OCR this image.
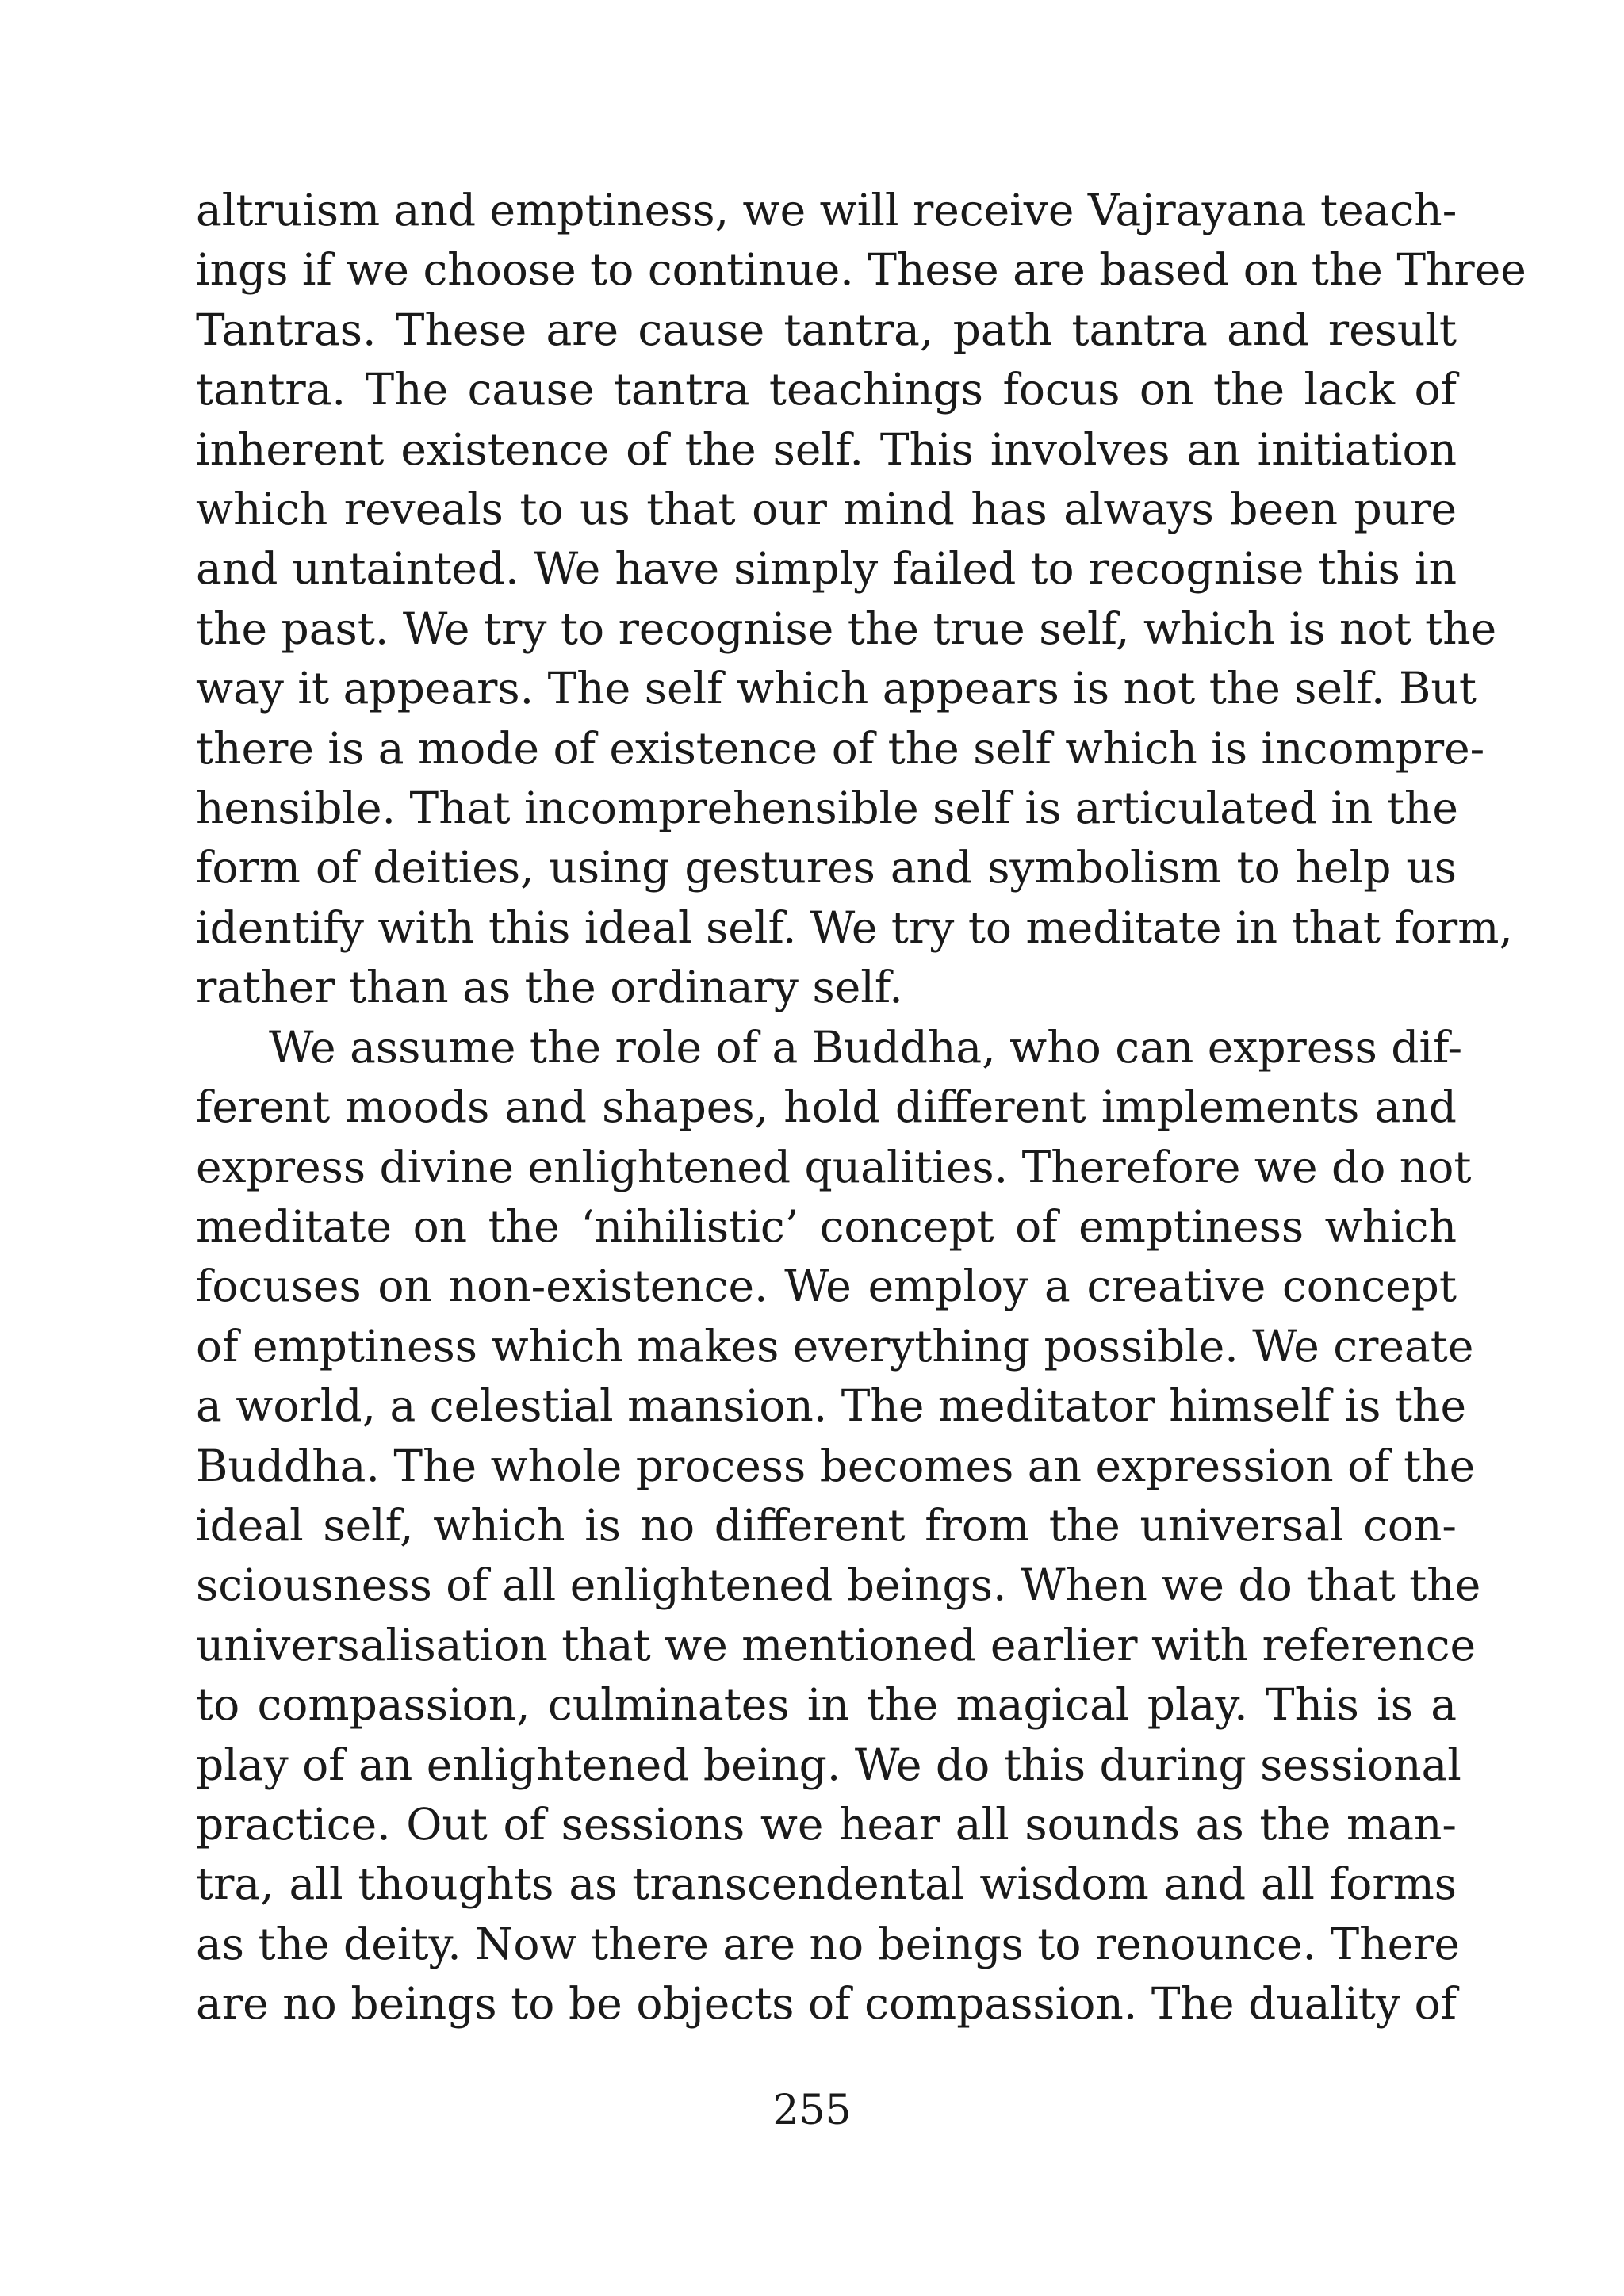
altruism and emptiness, we will receive Vajrayana teach-
ings if we choose to continue. These are based on the Three
Tantras. These are cause tantra, path tantra and result
tantra. The cause tantra teachings focus on the lack of
inherent existence of the self. This involves an initiation
which reveals to us that our mind has always been pure
and untainted. We have simply failed to recognise this in
the past. We try to recognise the true self, which is not the
way it appears. The self which appears is not the self. But
there is a mode of existence of the self which is incompre-
hensible. That incomprehensible self is articulated in the
form of deities, using gestures and symbolism to help us
identify with this ideal self. We try to meditate in that form,
rather than as the ordinary self.
We assume the role of a Buddha, who can express dif-
ferent moods and shapes, hold different implements and
express divine enlightened qualities. Therefore we do not
meditate on the ‘nihilistic’ concept of emptiness which
focuses on non-existence. We employ a creative concept
of emptiness which makes everything possible. We create
a world, a celestial mansion. The meditator himself is the
Buddha. The whole process becomes an expression of the
ideal self, which is no different from the universal con-
sciousness of all enlightened beings. When we do that the
universalisation that we mentioned earlier with reference
to compassion, culminates in the magical play. This is a
play of an enlightened being. We do this during sessional
practice. Out of sessions we hear all sounds as the man-
tra, all thoughts as transcendental wisdom and all forms
as the deity. Now there are no beings to renounce. There
are no beings to be objects of compassion. The duality of
255
